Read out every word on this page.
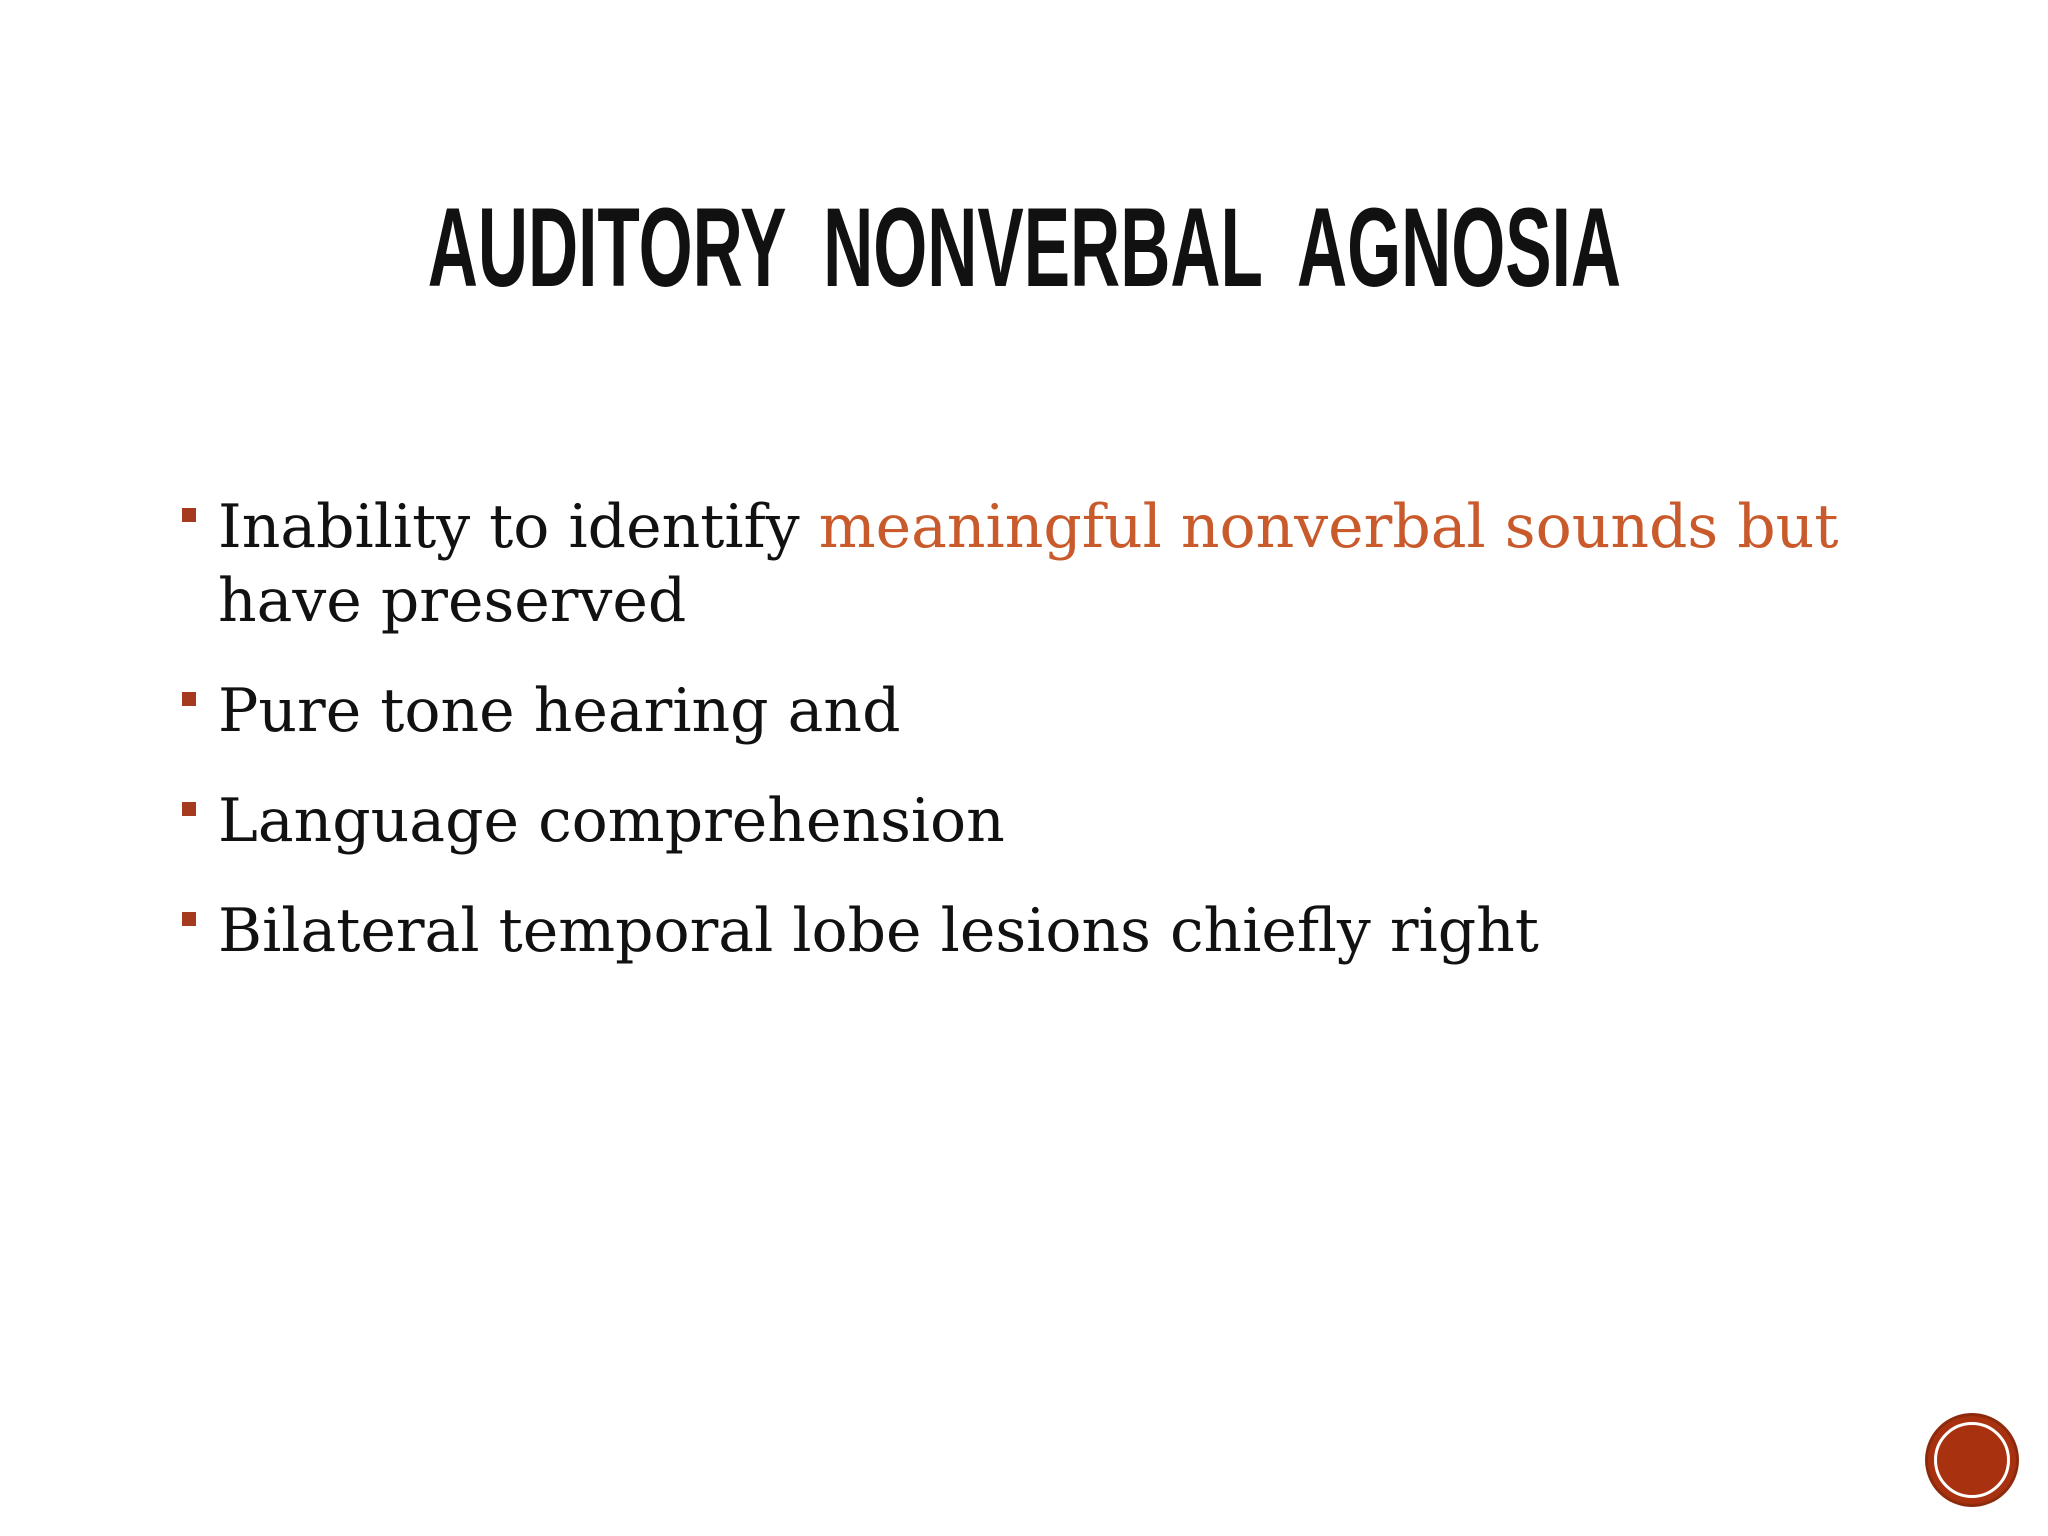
AUDITORY NONVERBAL AGNOSIA
Inability to identify meaningful nonverbal sounds but have preserved
Pure tone hearing and
Language comprehension
Bilateral temporal lobe lesions chiefly right
